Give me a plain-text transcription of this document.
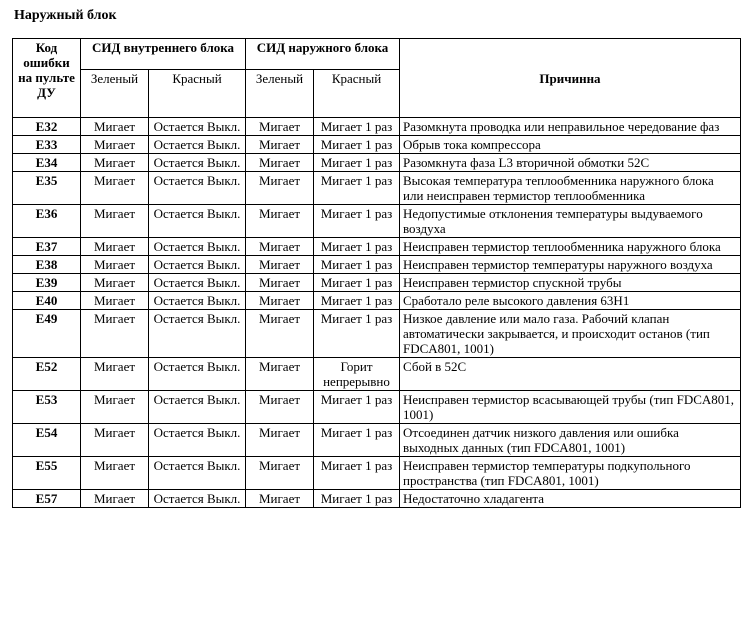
Наружный блок
Код ошибки на пульте ДУ	СИД внутреннего блока		СИД наружного блока		Причинна
	Зеленый	Красный	Зеленый	Красный	
E32	Мигает	Остается Выкл.	Мигает	Мигает 1 раз	Разомкнута проводка или неправильное чередование фаз
E33	Мигает	Остается Выкл.	Мигает	Мигает 1 раз	Обрыв тока компрессора
E34	Мигает	Остается Выкл.	Мигает	Мигает 1 раз	Разомкнута фаза L3 вторичной обмотки 52С
E35	Мигает	Остается Выкл.	Мигает	Мигает 1 раз	Высокая температура теплообменника наружного блока или неисправен термистор теплообменника
E36	Мигает	Остается Выкл.	Мигает	Мигает 1 раз	Недопустимые отклонения температуры выдуваемого воздуха
E37	Мигает	Остается Выкл.	Мигает	Мигает 1 раз	Неисправен термистор теплообменника наружного блока
E38	Мигает	Остается Выкл.	Мигает	Мигает 1 раз	Неисправен термистор температуры наружного воздуха
E39	Мигает	Остается Выкл.	Мигает	Мигает 1 раз	Неисправен термистор спускной трубы
E40	Мигает	Остается Выкл.	Мигает	Мигает 1 раз	Сработало реле высокого давления 63Н1
E49	Мигает	Остается Выкл.	Мигает	Мигает 1 раз	Низкое давление или мало газа. Рабочий клапан автоматически закрывается, и происходит останов (тип FDCA801, 1001)
E52	Мигает	Остается Выкл.	Мигает	Горит непрерывно	Сбой в 52С
E53	Мигает	Остается Выкл.	Мигает	Мигает 1 раз	Неисправен термистор всасывающей трубы (тип FDCA801, 1001)
E54	Мигает	Остается Выкл.	Мигает	Мигает 1 раз	Отсоединен датчик низкого давления или ошибка выходных данных (тип FDCA801, 1001)
E55	Мигает	Остается Выкл.	Мигает	Мигает 1 раз	Неисправен термистор температуры подкупольного пространства (тип FDCA801, 1001)
E57	Мигает	Остается Выкл.	Мигает	Мигает 1 раз	Недостаточно хладагента
